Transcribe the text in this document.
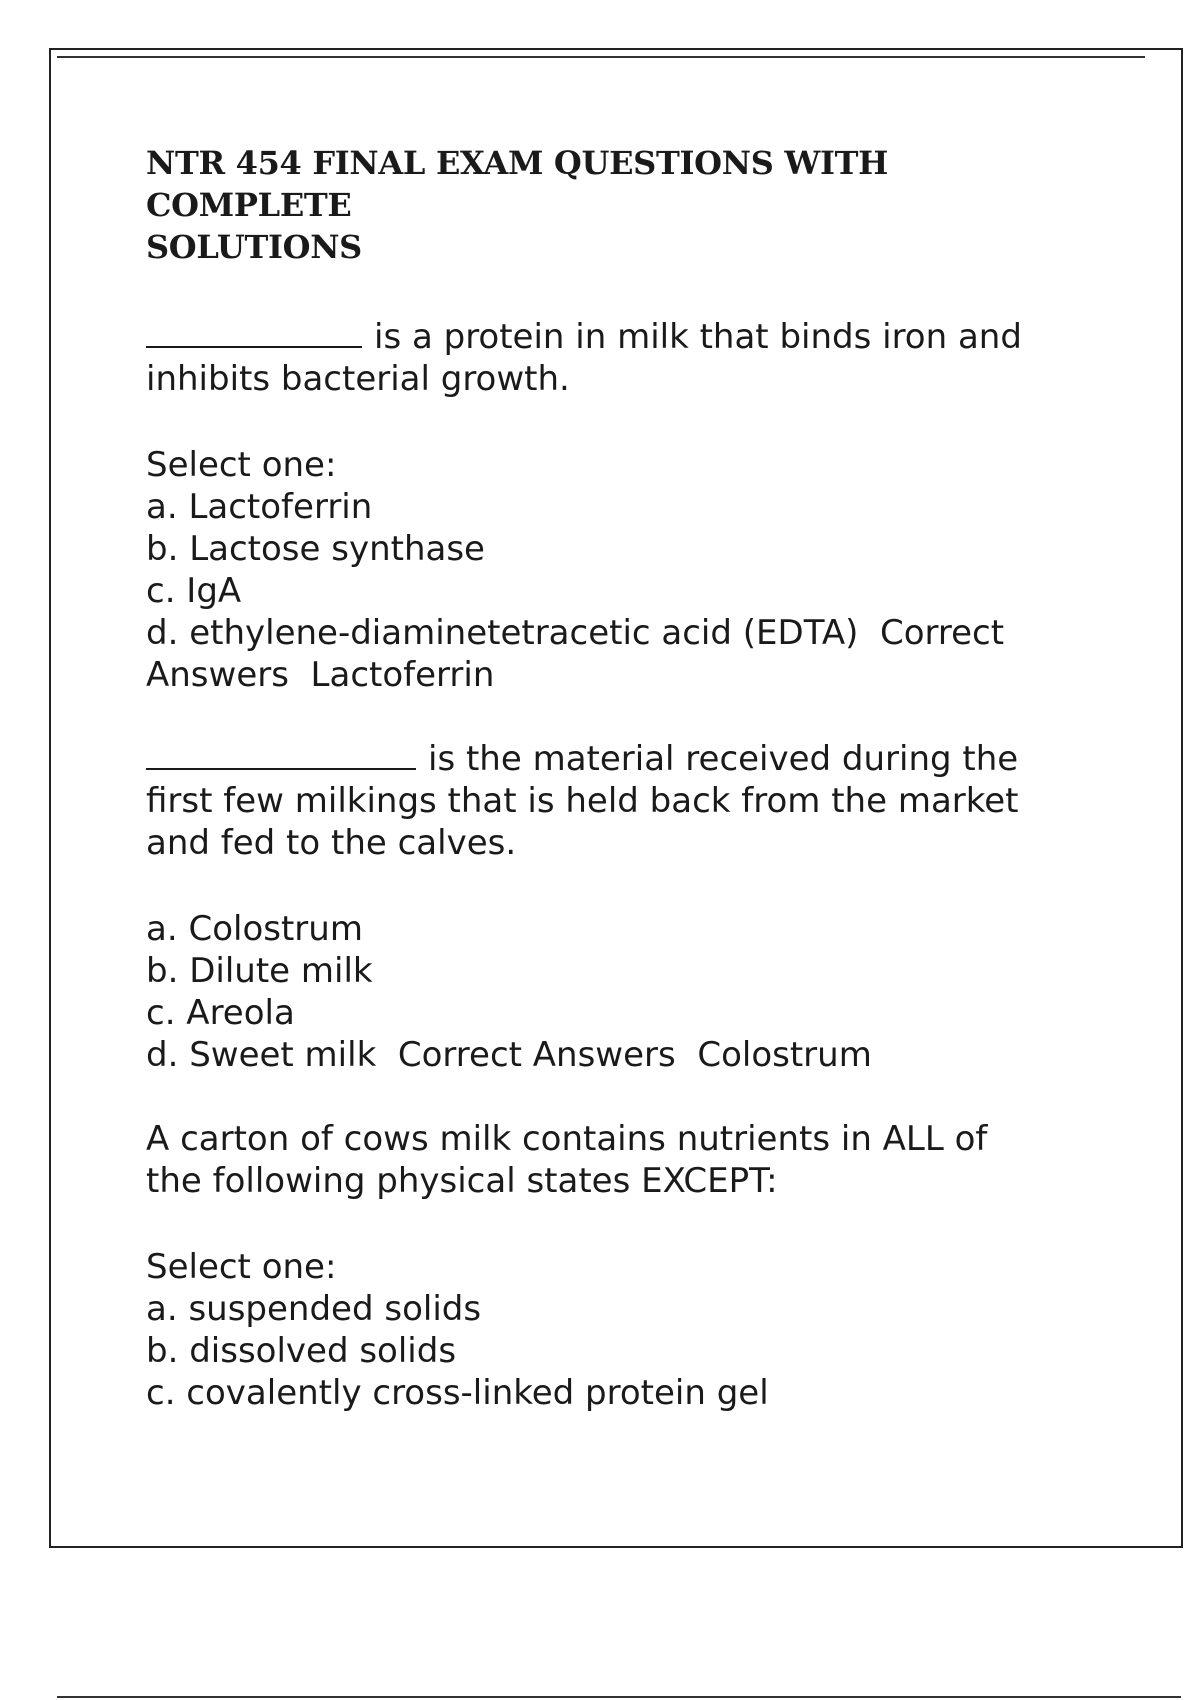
NTR 454 FINAL EXAM QUESTIONS WITH COMPLETE
SOLUTIONS
is a protein in milk that binds iron and
inhibits bacterial growth.
Select one:
a. Lactoferrin
b. Lactose synthase
c. IgA
d. ethylene-diaminetetracetic acid (EDTA)  Correct
Answers  Lactoferrin
is the material received during the
first few milkings that is held back from the market
and fed to the calves.
a. Colostrum
b. Dilute milk
c. Areola
d. Sweet milk  Correct Answers  Colostrum
A carton of cows milk contains nutrients in ALL of
the following physical states EXCEPT:
Select one:
a. suspended solids
b. dissolved solids
c. covalently cross-linked protein gel
